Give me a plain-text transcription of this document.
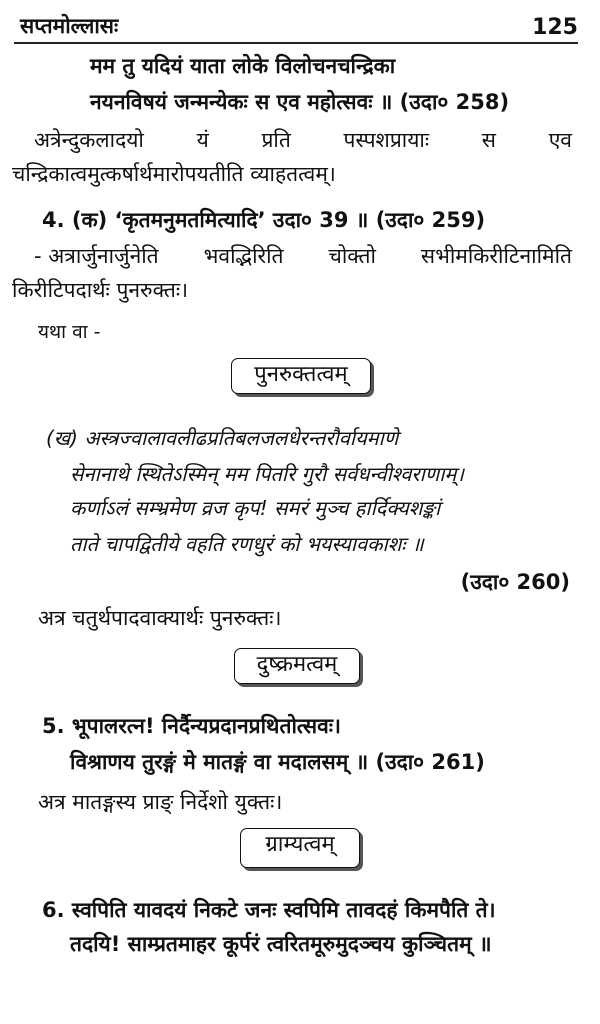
सप्तमोल्लासः	125
मम तु यदियं याता लोके विलोचनचन्द्रिका
नयनविषयं जन्मन्येकः स एव महोत्सवः ॥ (उदा० 258)
अत्रेन्दुकलादयो	यं	प्रति	पस्पशप्रायाः	स	एव
चन्द्रिकात्वमुत्कर्षार्थमारोपयतीति व्याहतत्वम्।
4. (क) ‘कृतमनुमतमित्यादि’ उदा० 39 ॥ (उदा० 259)
- अत्रार्जुनार्जुनेति भवद्भिरिति चोक्तो सभीमकिरीटिनामिति
किरीटिपदार्थः पुनरुक्तः।
यथा वा -
पुनरुक्तत्वम्
(ख) अस्त्रज्वालावलीढप्रतिबलजलधेरन्तरौर्वायमाणे
सेनानाथे स्थितेऽस्मिन् मम पितरि गुरौ सर्वधन्वीश्वराणाम्।
कर्णाऽलं सम्भ्रमेण व्रज कृप! समरं मुञ्च हार्दिक्यशङ्कां
ताते चापद्वितीये वहति रणधुरं को भयस्यावकाशः ॥
(उदा० 260)
अत्र चतुर्थपादवाक्यार्थः पुनरुक्तः।
दुष्क्रमत्वम्
5. भूपालरत्न! निर्दैन्यप्रदानप्रथितोत्सवः।
विश्राणय तुरङ्गं मे मातङ्गं वा मदालसम् ॥ (उदा० 261)
अत्र मातङ्गस्य प्राङ् निर्देशो युक्तः।
ग्राम्यत्वम्
6. स्वपिति यावदयं निकटे जनः स्वपिमि तावदहं किमपैति ते।
तदयि! साम्प्रतमाहर कूर्परं त्वरितमूरुमुदञ्चय कुञ्चितम् ॥
